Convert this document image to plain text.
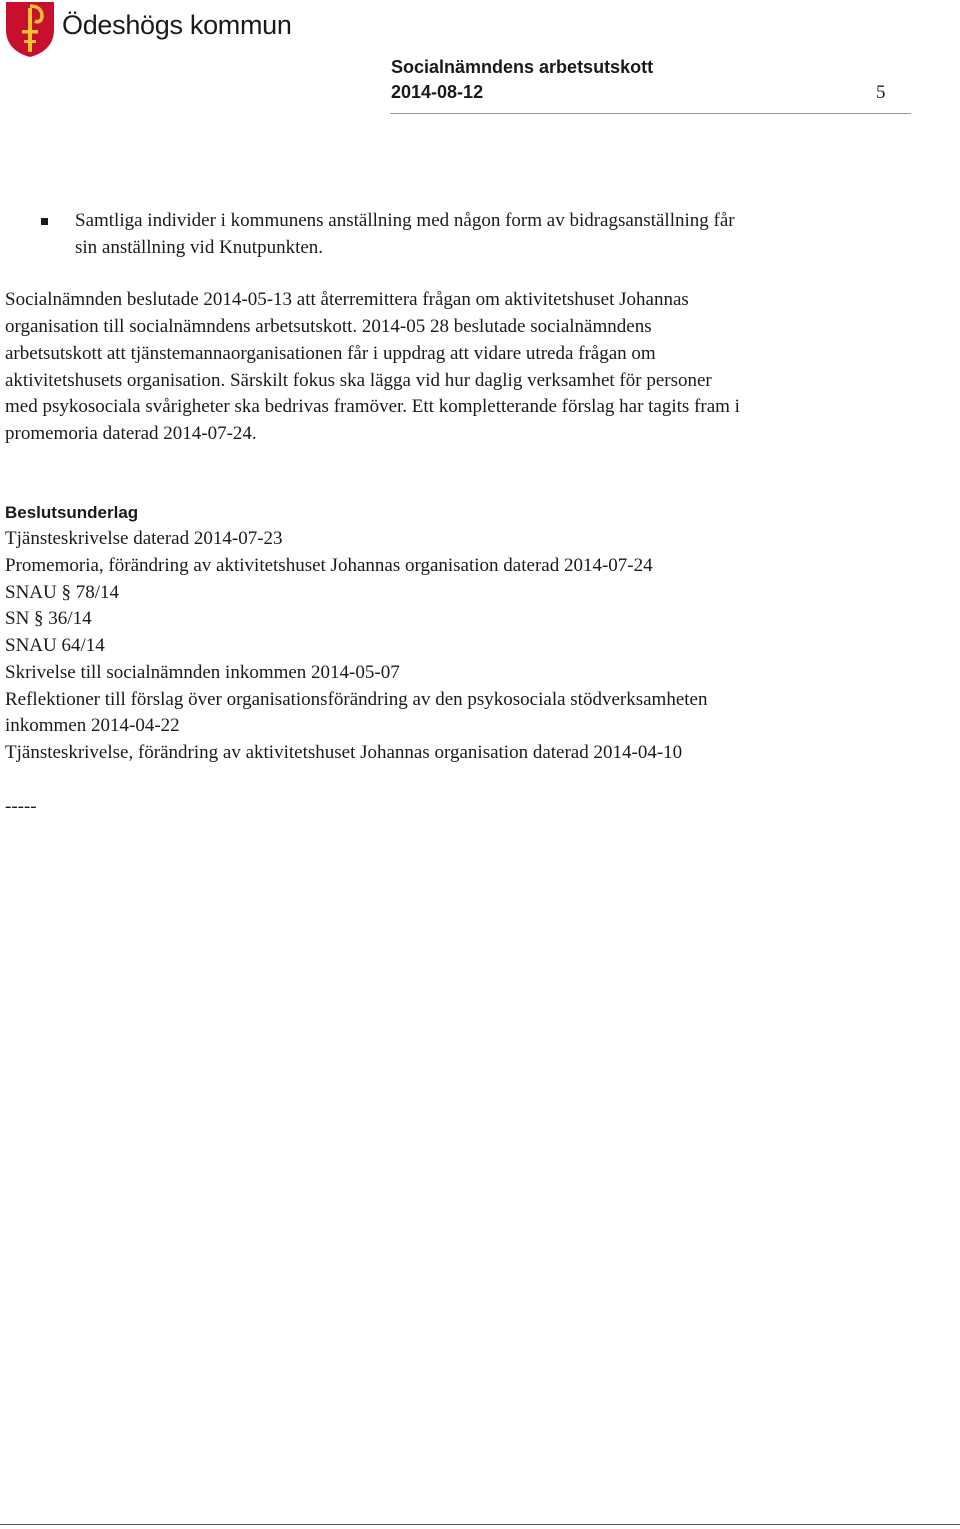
Ödeshögs kommun
Socialnämndens arbetsutskott
2014-08-12	5
Samtliga individer i kommunens anställning med någon form av bidragsanställning får sin anställning vid Knutpunkten.

Socialnämnden beslutade 2014-05-13 att återremittera frågan om aktivitetshuset Johannas organisation till socialnämndens arbetsutskott. 2014-05 28 beslutade socialnämndens arbetsutskott att tjänstemannaorganisationen får i uppdrag att vidare utreda frågan om aktivitetshusets organisation. Särskilt fokus ska lägga vid hur daglig verksamhet för personer med psykosociala svårigheter ska bedrivas framöver. Ett kompletterande förslag har tagits fram i promemoria daterad 2014-07-24.

Beslutsunderlag
Tjänsteskrivelse daterad 2014-07-23
Promemoria, förändring av aktivitetshuset Johannas organisation daterad 2014-07-24
SNAU § 78/14
SN § 36/14
SNAU 64/14
Skrivelse till socialnämnden inkommen 2014-05-07
Reflektioner till förslag över organisationsförändring av den psykosociala stödverksamheten inkommen 2014-04-22
Tjänsteskrivelse, förändring av aktivitetshuset Johannas organisation daterad 2014-04-10
-----
